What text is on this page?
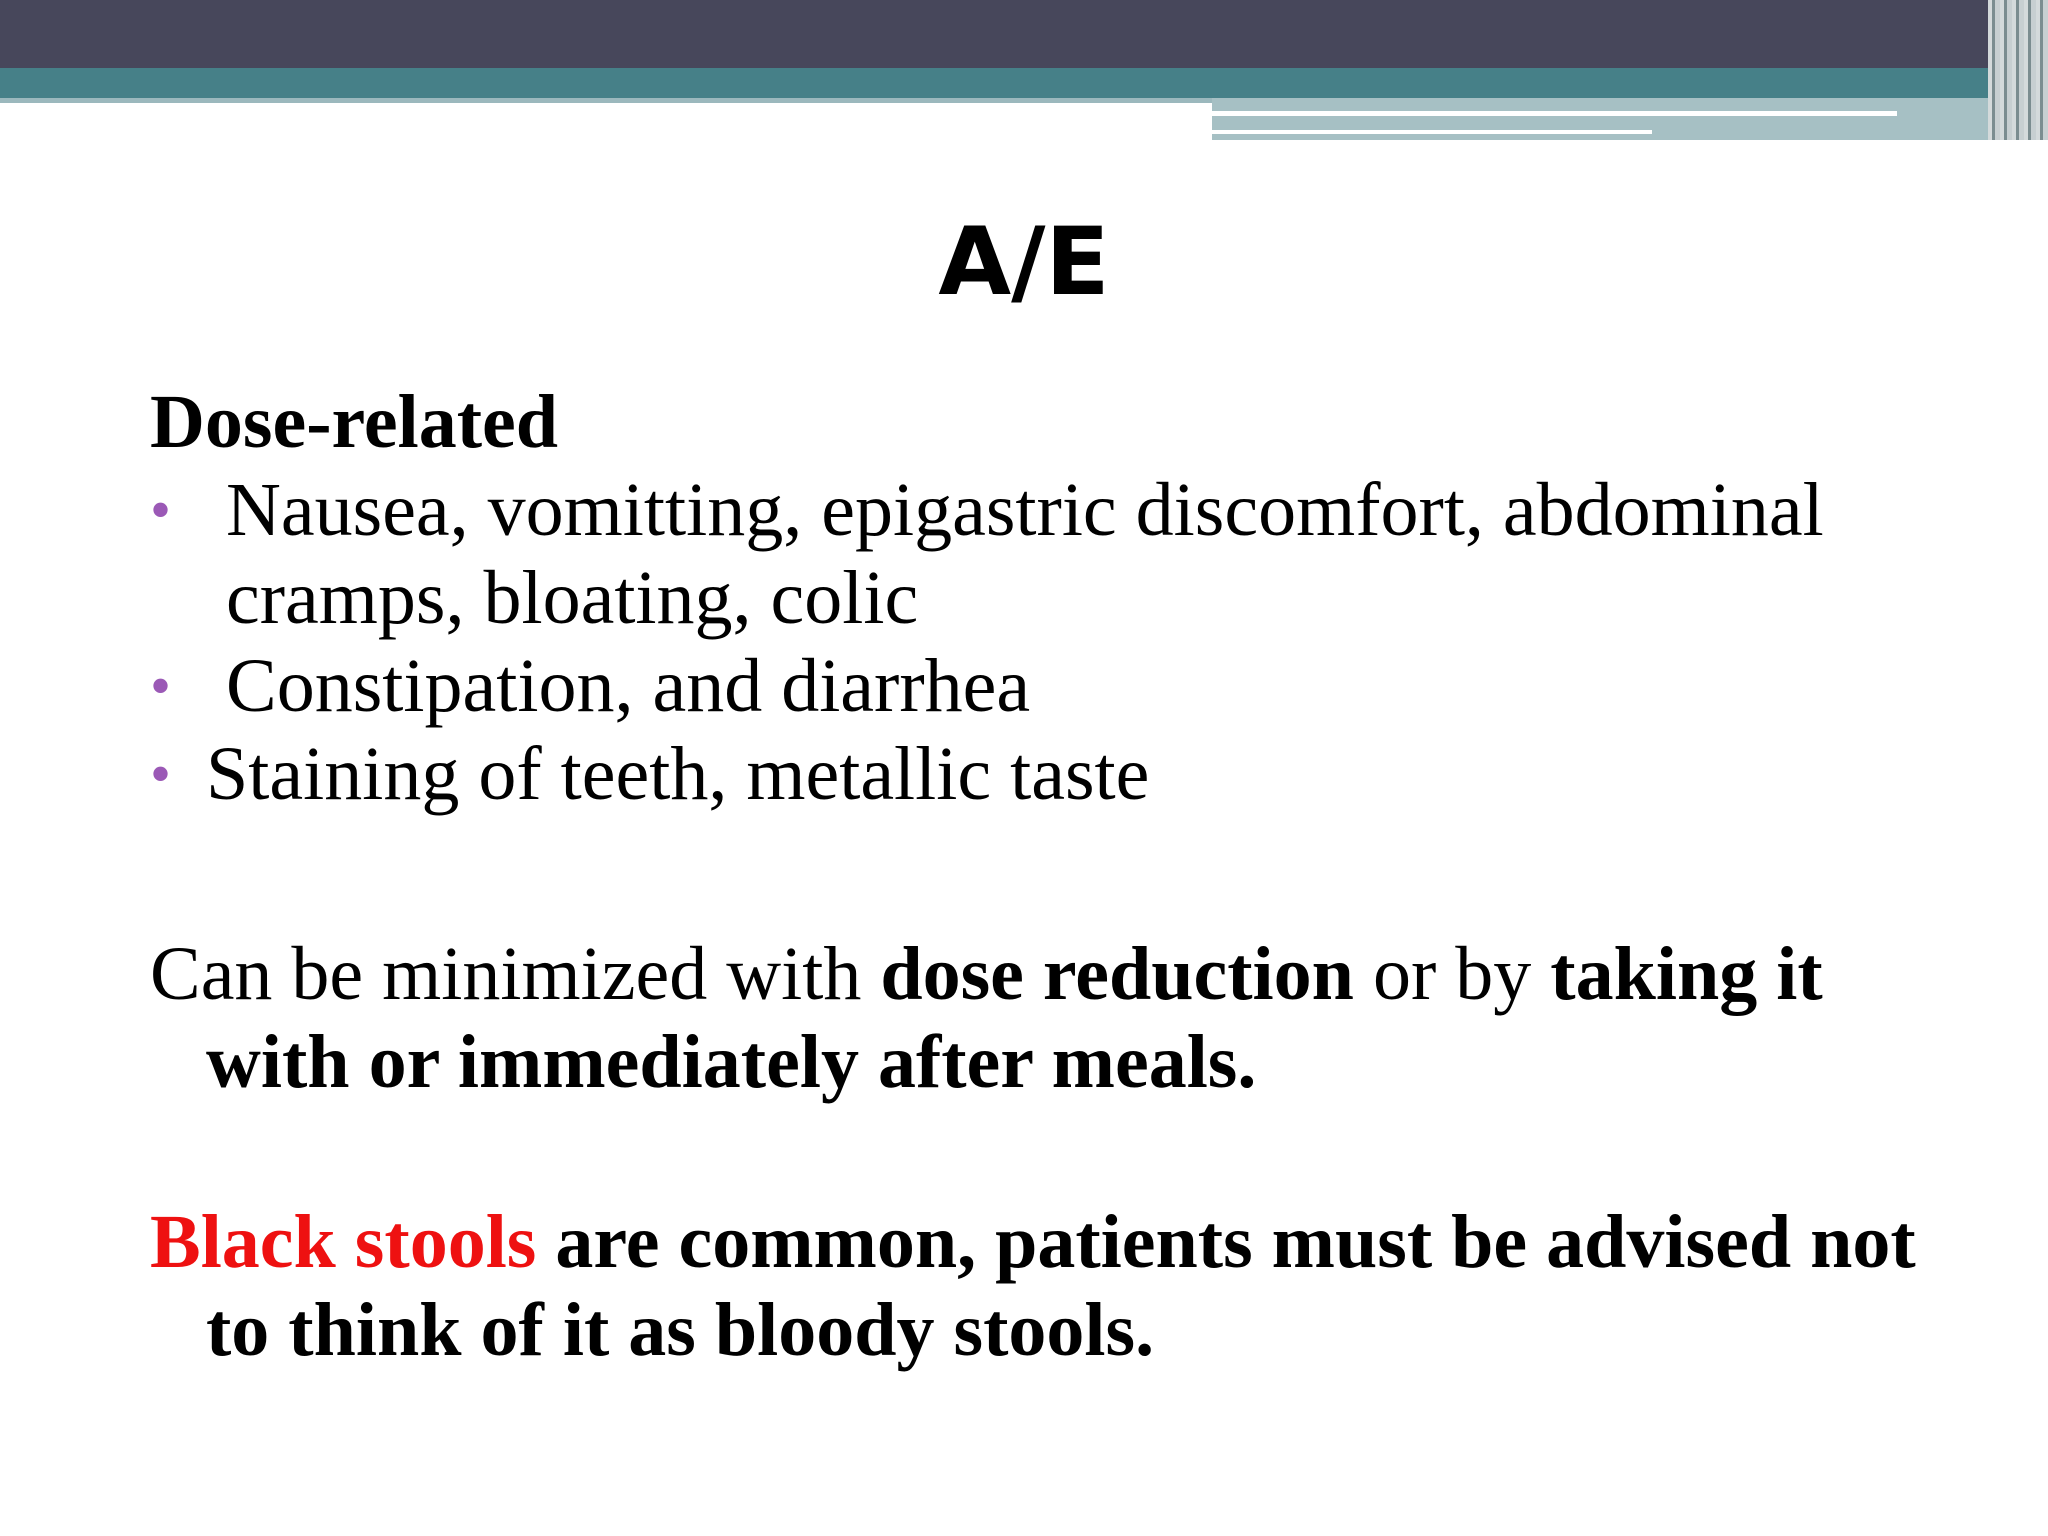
A/E

Dose-related

• Nausea, vomitting, epigastric discomfort, abdominal cramps, bloating, colic
• Constipation, and diarrhea
• Staining of teeth, metallic taste

Can be minimized with dose reduction or by taking it with or immediately after meals.

Black stools are common, patients must be advised not to think of it as bloody stools.
